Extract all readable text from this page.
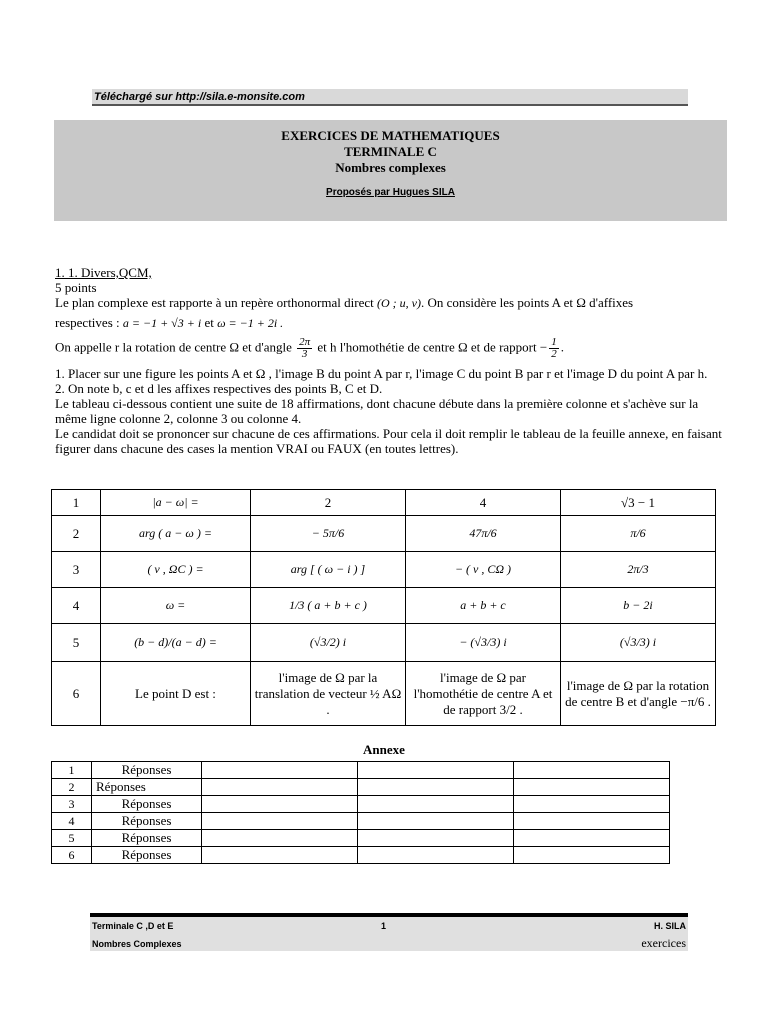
Téléchargé sur http://sila.e-monsite.com
EXERCICES DE MATHEMATIQUES
TERMINALE C
Nombres complexes
Proposés par Hugues SILA

1. 1. Divers,QCM,

5 points

Le plan complexe est rapporte à un repère orthonormal direct (O ; u, v). On considère les points A et Ω d'affixes

respectives : a = −1 + √3 + i et ω = −1 + 2i .

On appelle r la rotation de centre Ω et d'angle $\frac{2\pi}{3}$ et h l'homothétie de centre Ω et de rapport − $\frac{1}{2}$ .

1. Placer sur une figure les points A et Ω , l'image B du point A par r, l'image C du point B par r et l'image D du point A par h.

2. On note b, c et d les affixes respectives des points B, C et D.

Le tableau ci-dessous contient une suite de 18 affirmations, dont chacune débute dans la première colonne et s'achève sur la même ligne colonne 2, colonne 3 ou colonne 4.

Le candidat doit se prononcer sur chacune de ces affirmations. Pour cela il doit remplir le tableau de la feuille annexe, en faisant figurer dans chacune des cases la mention VRAI ou FAUX (en toutes lettres).

1	|a − ω| =	2	4	√3 − 1
2	arg ( a − ω ) =	− 5π/6	47π/6	π/6
3	( v , ΩC ) =	arg [ ( ω − i ) ]	− ( v , CΩ )	2π/3
4	ω =	1/3 ( a + b + c )	a + b + c	b − 2i
5	(b − d)/(a − d) =	(√3/2) i	− (√3/3) i	(√3/3) i
6	Le point D est :	l'image de Ω par la translation de vecteur ½ AΩ .	l'image de Ω par l'homothétie de centre A et de rapport 3/2 .	l'image de Ω par la rotation de centre B et d'angle −π/6 .
Annexe
1	Réponses			
2	Réponses			
3	Réponses			
4	Réponses			
5	Réponses			
6	Réponses			
Terminale C ,D et E	1	H. SILA
Nombres Complexes	exercices
